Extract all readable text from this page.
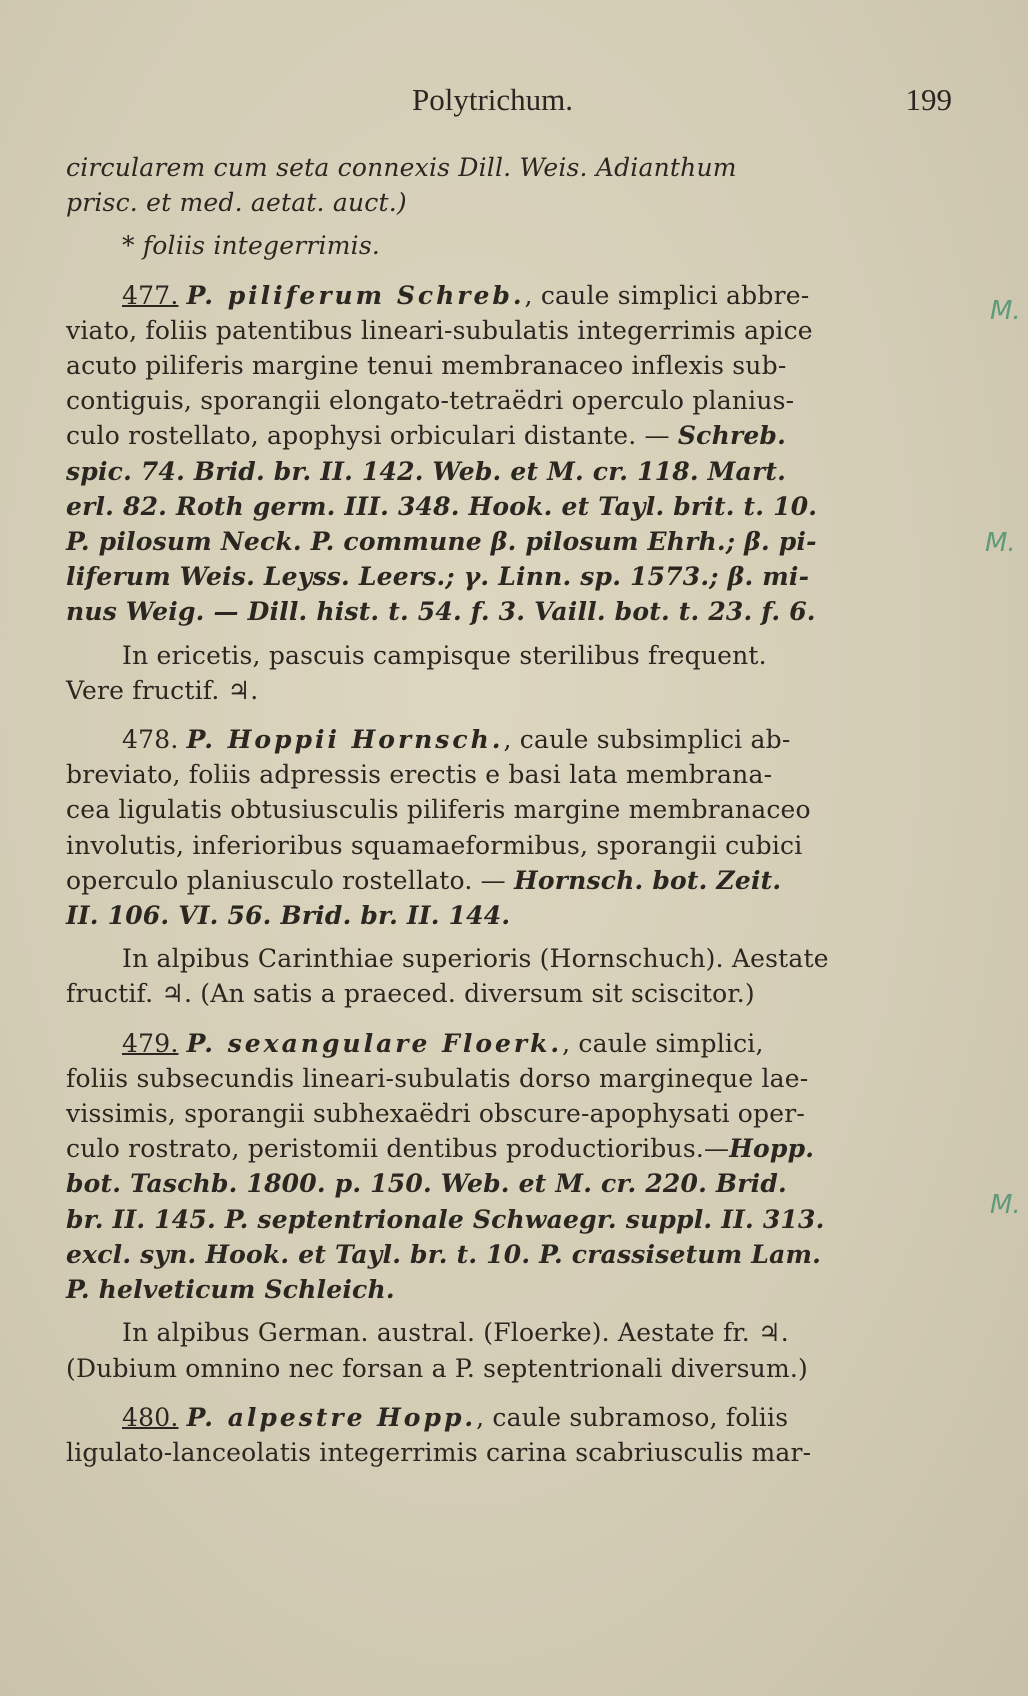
Polytrichum.	199

circularem cum seta connexis Dill. Weis. Adianthum
prisc. et med. aetat. auct.)

* foliis integerrimis.

477. P. piliferum Schreb., caule simplici abbre-
viato, foliis patentibus lineari-subulatis integerrimis apice
acuto piliferis margine tenui membranaceo inflexis sub-
contiguis, sporangii elongato-tetraëdri operculo planius-
culo rostellato, apophysi orbiculari distante. — Schreb.
spic. 74. Brid. br. II. 142. Web. et M. cr. 118. Mart.
erl. 82. Roth germ. III. 348. Hook. et Tayl. brit. t. 10.
P. pilosum Neck. P. commune β. pilosum Ehrh.; β. pi-
liferum Weis. Leyss. Leers.; γ. Linn. sp. 1573.; β. mi-
nus Weig. — Dill. hist. t. 54. f. 3. Vaill. bot. t. 23. f. 6.

In ericetis, pascuis campisque sterilibus frequent.
Vere fructif. ♃.

478. P. Hoppii Hornsch., caule subsimplici ab-
breviato, foliis adpressis erectis e basi lata membrana-
cea ligulatis obtusiusculis piliferis margine membranaceo
involutis, inferioribus squamaeformibus, sporangii cubici
operculo planiusculo rostellato. — Hornsch. bot. Zeit.
II. 106. VI. 56. Brid. br. II. 144.

In alpibus Carinthiae superioris (Hornschuch). Aestate
fructif. ♃. (An satis a praeced. diversum sit sciscitor.)

479. P. sexangulare Floerk., caule simplici,
foliis subsecundis lineari-subulatis dorso margineque lae-
vissimis, sporangii subhexaëdri obscure-apophysati oper-
culo rostrato, peristomii dentibus productioribus.—Hopp.
bot. Taschb. 1800. p. 150. Web. et M. cr. 220. Brid.
br. II. 145. P. septentrionale Schwaegr. suppl. II. 313.
excl. syn. Hook. et Tayl. br. t. 10. P. crassisetum Lam.
P. helveticum Schleich.

In alpibus German. austral. (Floerke). Aestate fr. ♃.
(Dubium omnino nec forsan a P. septentrionali diversum.)

480. P. alpestre Hopp., caule subramoso, foliis
ligulato-lanceolatis integerrimis carina scabriusculis mar-

M.
M.
M.
